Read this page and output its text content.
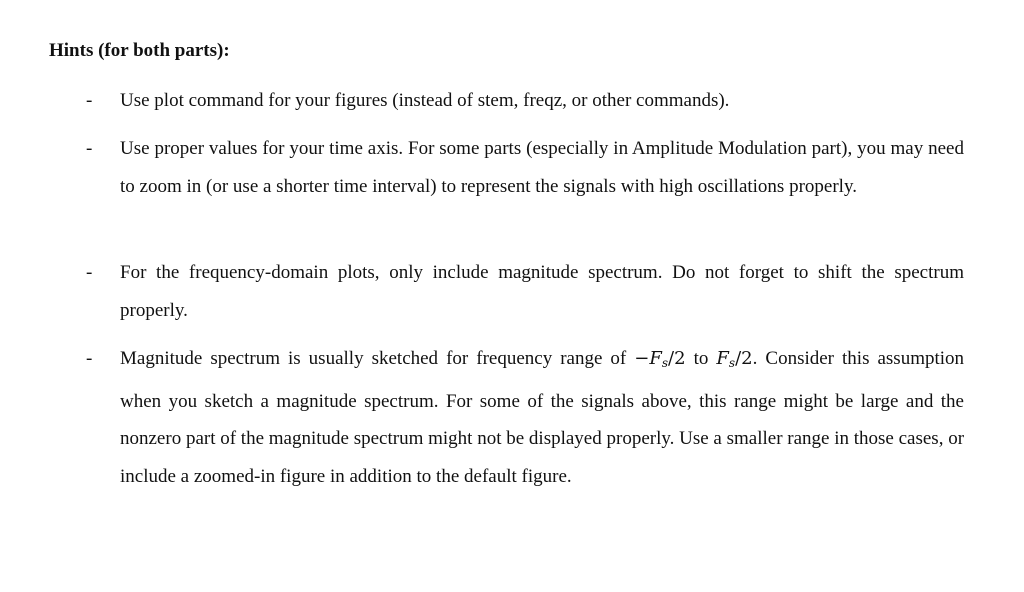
Hints (for both parts):
- Use plot command for your figures (instead of stem, freqz, or other commands).

- Use proper values for your time axis. For some parts (especially in Amplitude Modulation part), you may need to zoom in (or use a shorter time interval) to represent the signals with high oscillations properly.

- For the frequency-domain plots, only include magnitude spectrum. Do not forget to shift the spectrum properly.

- Magnitude spectrum is usually sketched for frequency range of $-F_s/2$ to $F_s/2$. Consider this assumption when you sketch a magnitude spectrum. For some of the signals above, this range might be large and the nonzero part of the magnitude spectrum might not be displayed properly. Use a smaller range in those cases, or include a zoomed-in figure in addition to the default figure.
